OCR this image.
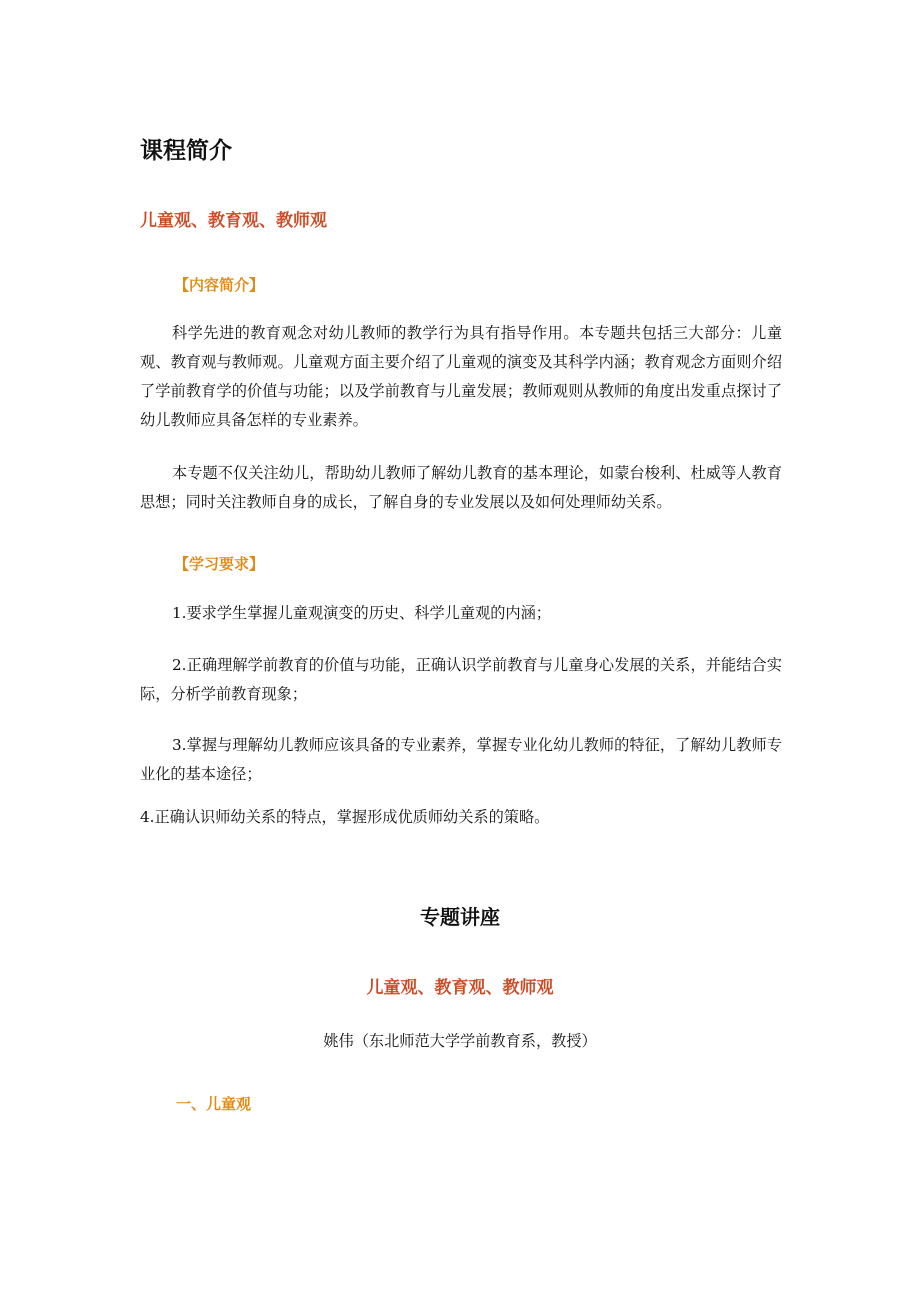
课程简介
儿童观、教育观、教师观
【内容简介】

科学先进的教育观念对幼儿教师的教学行为具有指导作用。本专题共包括三大部分：儿童观、教育观与教师观。儿童观方面主要介绍了儿童观的演变及其科学内涵；教育观念方面则介绍了学前教育学的价值与功能；以及学前教育与儿童发展；教师观则从教师的角度出发重点探讨了幼儿教师应具备怎样的专业素养。

本专题不仅关注幼儿，帮助幼儿教师了解幼儿教育的基本理论，如蒙台梭利、杜威等人教育思想；同时关注教师自身的成长，了解自身的专业发展以及如何处理师幼关系。

【学习要求】

1.要求学生掌握儿童观演变的历史、科学儿童观的内涵；

2.正确理解学前教育的价值与功能，正确认识学前教育与儿童身心发展的关系，并能结合实际，分析学前教育现象；

3.掌握与理解幼儿教师应该具备的专业素养，掌握专业化幼儿教师的特征，了解幼儿教师专业化的基本途径；

4.正确认识师幼关系的特点，掌握形成优质师幼关系的策略。

专题讲座
儿童观、教育观、教师观
姚伟（东北师范大学学前教育系，教授）
一、儿童观
